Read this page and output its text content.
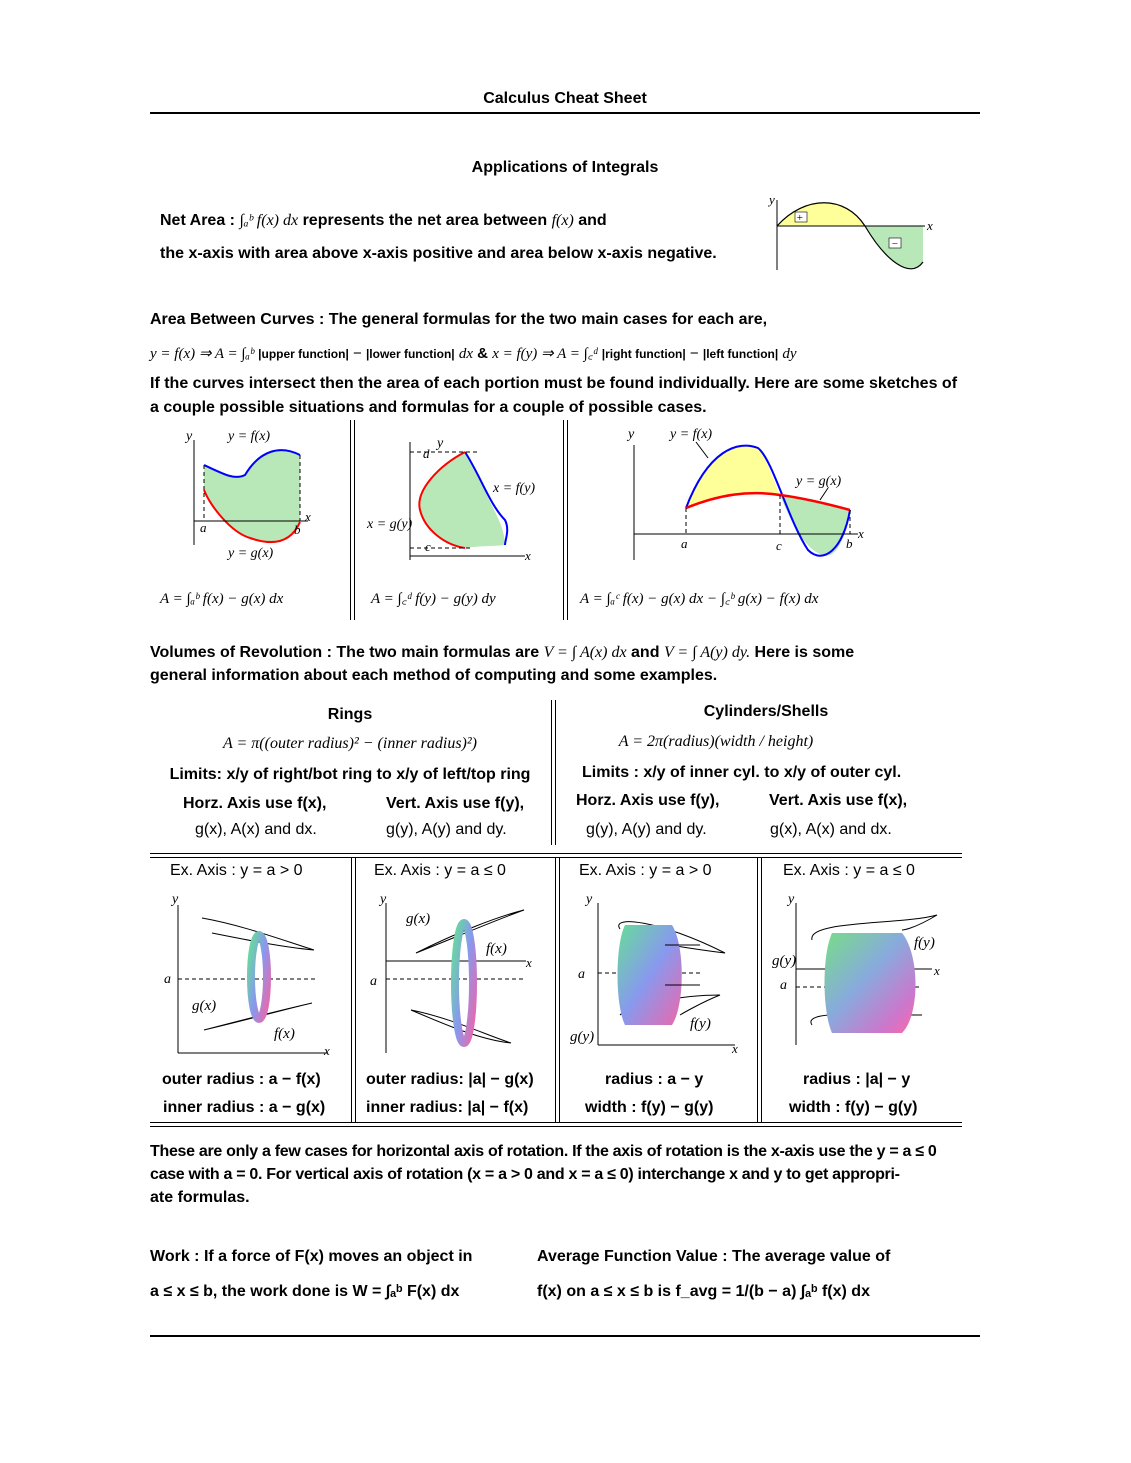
Calculus Cheat Sheet
Applications of Integrals
Net Area : ∫ₐᵇ f(x) dx represents the net area between f(x) and
the x-axis with area above x-axis positive and area below x-axis negative.
y
x
+
−
Area Between Curves : The general formulas for the two main cases for each are,
y = f(x) ⇒ A = ∫ₐᵇ |upper function| − |lower function| dx & x = f(y) ⇒ A = ∫꜀ᵈ |right function| − |left function| dy
If the curves intersect then the area of each portion must be found individually. Here are some sketches of
a couple possible situations and formulas for a couple of possible cases.
y	y = f(x)
y = g(x)
a	b
x
A = ∫ₐᵇ f(x) − g(x) dx
y
d
c
x = f(y)
x = g(y)
x
A = ∫꜀ᵈ f(y) − g(y) dy
y	y = f(x)
y = g(x)
a	c	b
x
A = ∫ₐᶜ f(x) − g(x) dx − ∫꜀ᵇ g(x) − f(x) dx
Volumes of Revolution : The two main formulas are V = ∫ A(x) dx and V = ∫ A(y) dy. Here is some
general information about each method of computing and some examples.
Rings
A = π((outer radius)² − (inner radius)²)
Limits: x/y of right/bot ring to x/y of left/top ring
Horz. Axis use f(x),
g(x), A(x) and dx.
Vert. Axis use f(y),
g(y), A(y) and dy.
Cylinders/Shells
A = 2π(radius)(width / height)
Limits : x/y of inner cyl. to x/y of outer cyl.
Horz. Axis use f(y),
g(y), A(y) and dy.
Vert. Axis use f(x),
g(x), A(x) and dx.
Ex. Axis : y = a > 0
y
a
g(x)
f(x)
x
outer radius : a − f(x)
inner radius : a − g(x)
Ex. Axis : y = a ≤ 0
y
a
g(x)
f(x)
x
outer radius: |a| − g(x)
inner radius: |a| − f(x)
Ex. Axis : y = a > 0
y
a
g(y)
f(y)
x
radius : a − y
width : f(y) − g(y)
Ex. Axis : y = a ≤ 0
y
a
g(y)
f(y)
x
radius : |a| − y
width : f(y) − g(y)
These are only a few cases for horizontal axis of rotation. If the axis of rotation is the x-axis use the y = a ≤ 0
case with a = 0. For vertical axis of rotation (x = a > 0 and x = a ≤ 0) interchange x and y to get appropri-
ate formulas.
Work : If a force of F(x) moves an object in
a ≤ x ≤ b, the work done is W = ∫ₐᵇ F(x) dx
Average Function Value : The average value of
f(x) on a ≤ x ≤ b is f_avg = 1/(b − a) ∫ₐᵇ f(x) dx
